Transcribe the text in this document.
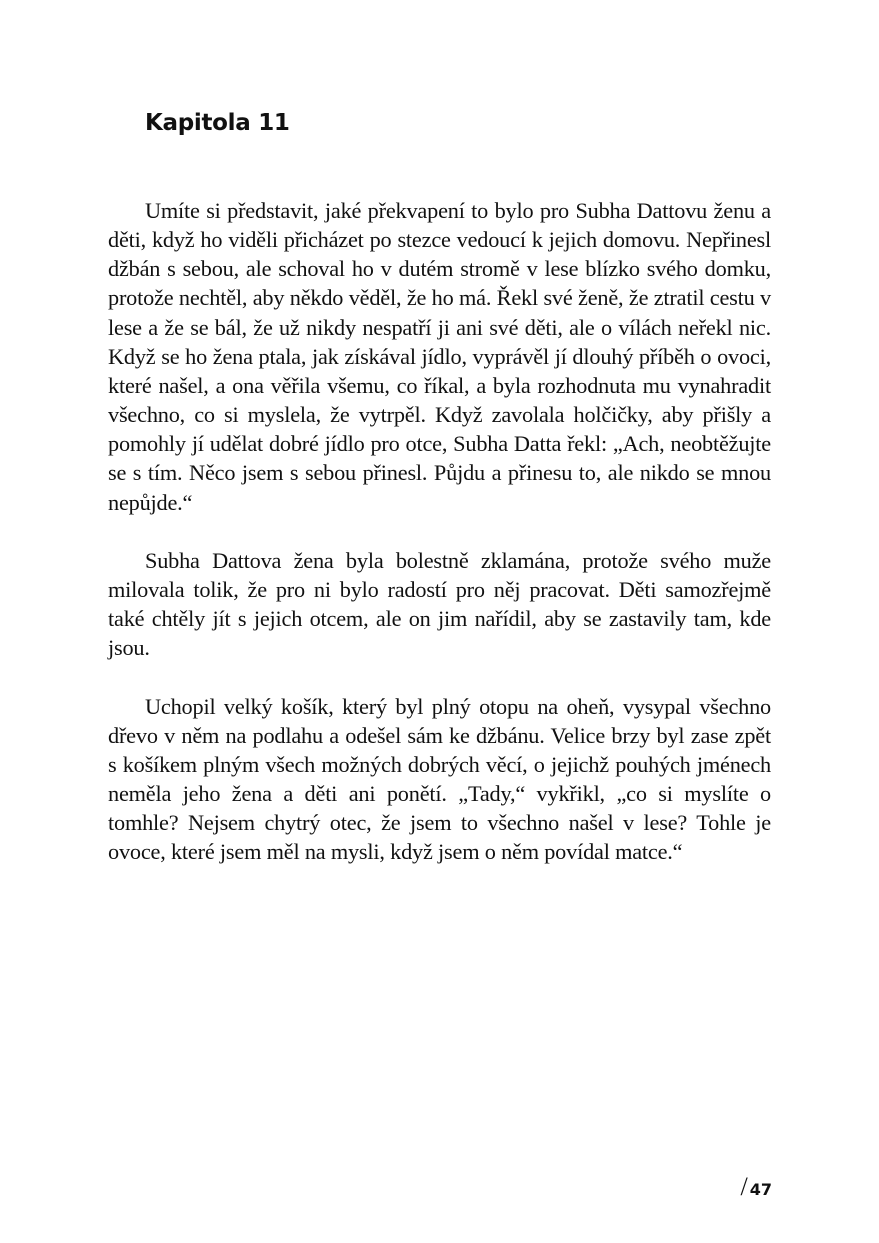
Kapitola 11

Umíte si představit, jaké překvapení to bylo pro Subha Dattovu ženu a děti, když ho viděli přicházet po stezce vedoucí k jejich domovu. Nepřinesl džbán s sebou, ale schoval ho v dutém stromě v lese blízko svého domku, protože nechtěl, aby někdo věděl, že ho má. Řekl své ženě, že ztratil cestu v lese a že se bál, že už nikdy nespatří ji ani své děti, ale o vílách neřekl nic. Když se ho žena ptala, jak získával jídlo, vyprávěl jí dlouhý příběh o ovoci, které našel, a ona věřila všemu, co říkal, a byla rozhodnuta mu vynahradit všechno, co si myslela, že vytrpěl. Když zavolala holčičky, aby přišly a pomohly jí udělat dobré jídlo pro otce, Subha Datta řekl: „Ach, neobtěžujte se s tím. Něco jsem s sebou přinesl. Půjdu a přinesu to, ale nikdo se mnou nepůjde.“

Subha Dattova žena byla bolestně zklamána, protože svého muže milovala tolik, že pro ni bylo radostí pro něj pracovat. Děti samozřejmě také chtěly jít s jejich otcem, ale on jim nařídil, aby se zastavily tam, kde jsou.

Uchopil velký košík, který byl plný otopu na oheň, vysypal všechno dřevo v něm na podlahu a odešel sám ke džbánu. Velice brzy byl zase zpět s košíkem plným všech možných dobrých věcí, o jejichž pouhých jménech neměla jeho žena a děti ani ponětí. „Tady,“ vykřikl, „co si myslíte o tomhle? Nejsem chytrý otec, že jsem to všechno našel v lese? Tohle je ovoce, které jsem měl na mysli, když jsem o něm povídal matce.“

/ 47
